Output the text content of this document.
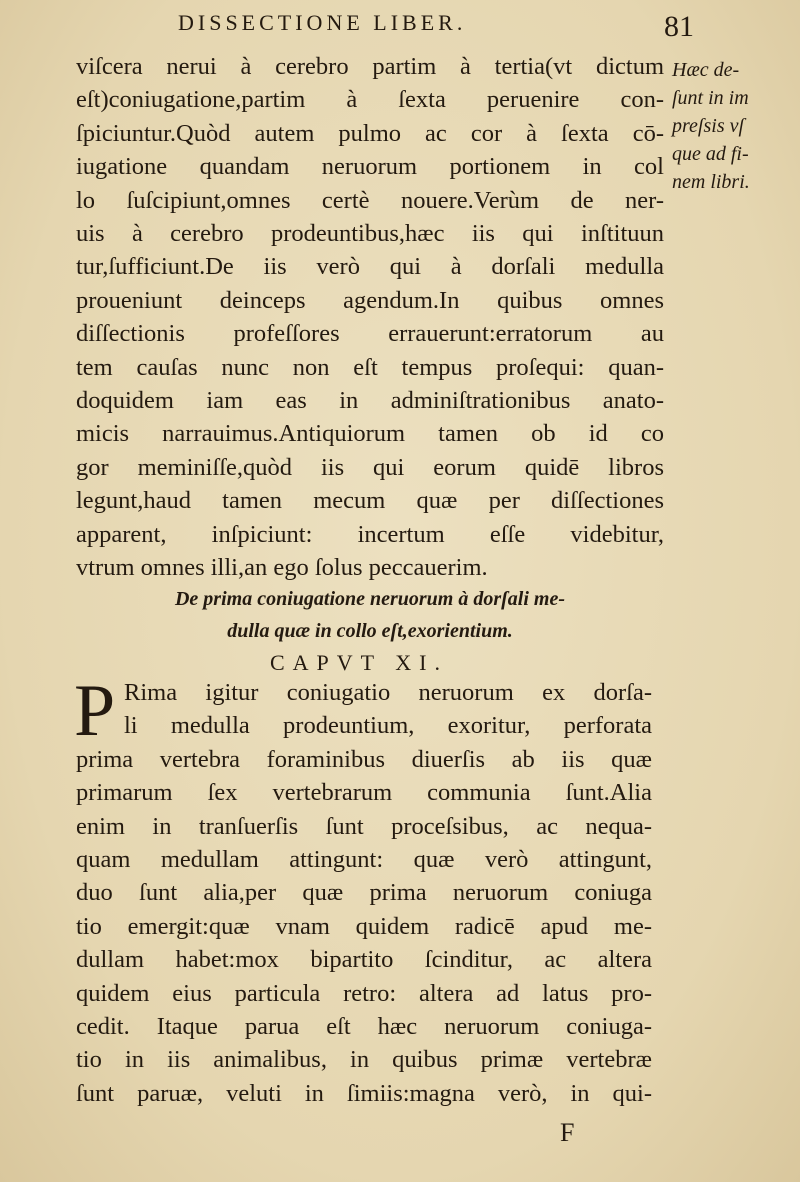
DISSECTIONE LIBER.	81
viſcera nerui à cerebro partim à tertia(vt dictum
eſt)coniugatione,partim à ſexta peruenire con-
ſpiciuntur.Quòd autem pulmo ac cor à ſexta cō-
iugatione quandam neruorum portionem in col
lo ſuſcipiunt,omnes certè nouere.Verùm de ner-
uis à cerebro prodeuntibus,hæc iis qui inſtituun
tur,ſufficiunt.De iis verò qui à dorſali medulla
proueniunt deinceps agendum.In quibus omnes
diſſectionis profeſſores errauerunt:erratorum au
tem cauſas nunc non eſt tempus proſequi: quan-
doquidem iam eas in adminiſtrationibus anato-
micis narrauimus.Antiquiorum tamen ob id co
gor meminiſſe,quòd iis qui eorum quidē libros
legunt,haud tamen mecum quæ per diſſectiones
apparent, inſpiciunt: incertum eſſe videbitur,
vtrum omnes illi,an ego ſolus peccauerim.
Hæc de-
ſunt in im
preſsis vſ
que ad fi-
nem libri.
De prima coniugatione neruorum à dorſali me-
dulla quæ in collo eſt,exorientium.
CAPVT XI.
P Rima igitur coniugatio neruorum ex dorſa-
li medulla prodeuntium, exoritur, perforata
prima vertebra foraminibus diuerſis ab iis quæ
primarum ſex vertebrarum communia ſunt.Alia
enim in tranſuerſis ſunt proceſsibus, ac nequa-
quam medullam attingunt: quæ verò attingunt,
duo ſunt alia,per quæ prima neruorum coniuga
tio emergit:quæ vnam quidem radicē apud me-
dullam habet:mox bipartito ſcinditur, ac altera
quidem eius particula retro: altera ad latus pro-
cedit. Itaque parua eſt hæc neruorum coniuga-
tio in iis animalibus, in quibus primæ vertebræ
ſunt paruæ, veluti in ſimiis:magna verò, in qui-
F
